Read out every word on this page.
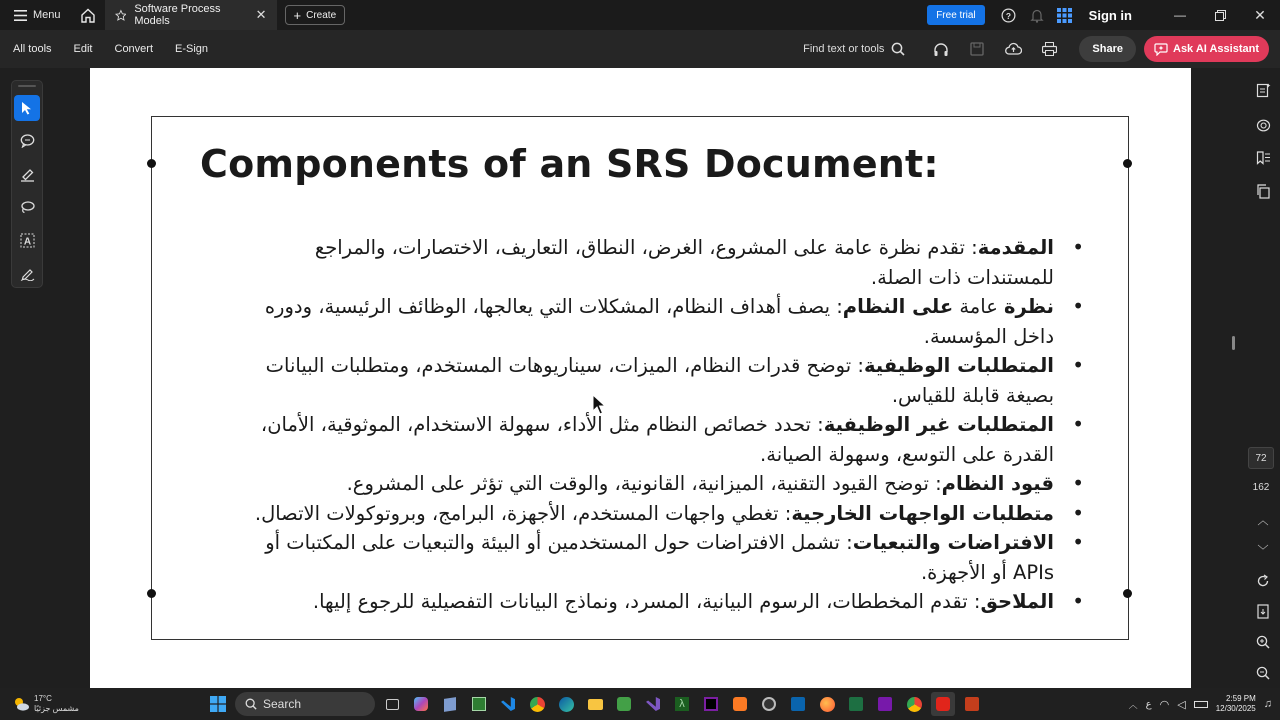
Menu	Software Process Models	✕ + Create	Free trial	?	Sign in	—	✕
All tools Edit Convert E-Sign	Find text or tools	Share	Ask AI Assistant
A
Components of an SRS Document:
• المقدمة: تقدم نظرة عامة على المشروع، الغرض، النطاق، التعاريف، الاختصارات، والمراجع للمستندات ذات الصلة.
• نظرة عامة على النظام: يصف أهداف النظام، المشكلات التي يعالجها، الوظائف الرئيسية، ودوره داخل المؤسسة.
• المتطلبات الوظيفية: توضح قدرات النظام، الميزات، سيناريوهات المستخدم، ومتطلبات البيانات بصيغة قابلة للقياس.
• المتطلبات غير الوظيفية: تحدد خصائص النظام مثل الأداء، سهولة الاستخدام، الموثوقية، الأمان، القدرة على التوسع، وسهولة الصيانة.
• قيود النظام: توضح القيود التقنية، الميزانية، القانونية، والوقت التي تؤثر على المشروع.
• متطلبات الواجهات الخارجية: تغطي واجهات المستخدم، الأجهزة، البرامج، وبروتوكولات الاتصال.
• الافتراضات والتبعيات: تشمل الافتراضات حول المستخدمين أو البيئة والتبعيات على المكتبات أو APIs أو الأجهزة.
• الملاحق: تقدم المخططات، الرسوم البيانية، المسرد، ونماذج البيانات التفصيلية للرجوع إليها.
72
162
︿
﹀
17°C
مشمس جزئيًا	Search	λ	︿ ع ◠ ◁	2:59 PM
12/30/2025 ♫
